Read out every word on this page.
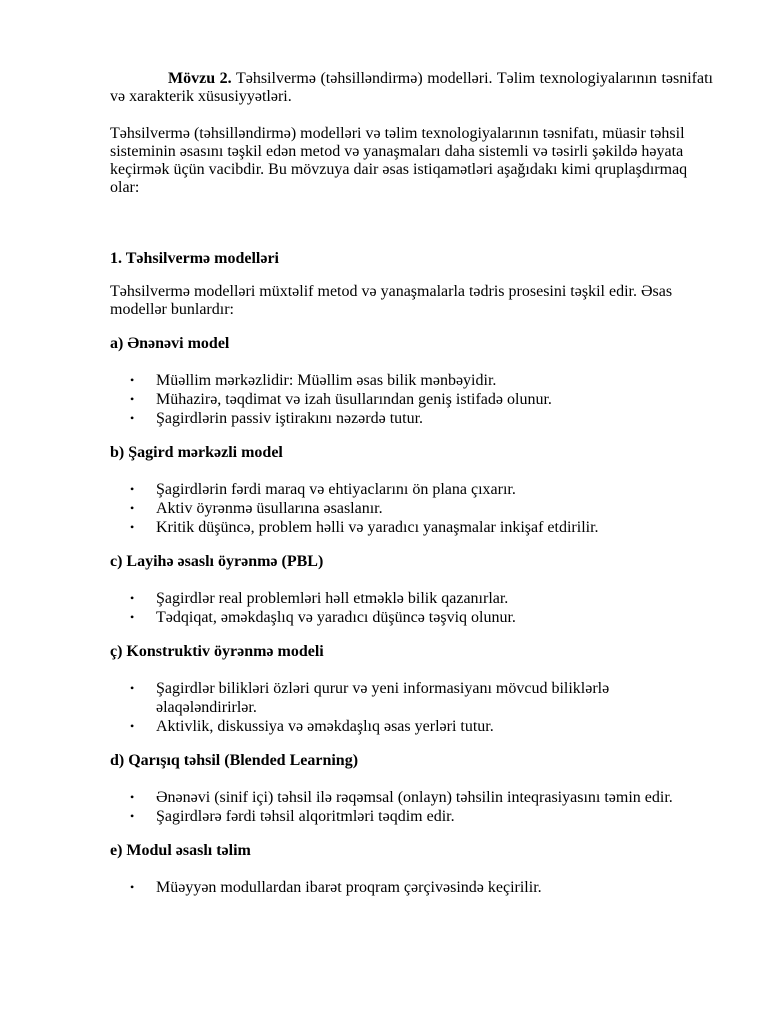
Mövzu 2. Təhsilvermə (təhsilləndirmə) modelləri. Təlim texnologiyalarının təsnifatı və xarakterik xüsusiyyətləri.

Təhsilvermə (təhsilləndirmə) modelləri və təlim texnologiyalarının təsnifatı, müasir təhsil sisteminin əsasını təşkil edən metod və yanaşmaları daha sistemli və təsirli şəkildə həyata keçirmək üçün vacibdir. Bu mövzuya dair əsas istiqamətləri aşağıdakı kimi qruplaşdırmaq olar:

1. Təhsilvermə modelləri

Təhsilvermə modelləri müxtəlif metod və yanaşmalarla tədris prosesini təşkil edir. Əsas modellər bunlardır:

a) Ənənəvi model

• Müəllim mərkəzlidir: Müəllim əsas bilik mənbəyidir.
• Mühazirə, təqdimat və izah üsullarından geniş istifadə olunur.
• Şagirdlərin passiv iştirakını nəzərdə tutur.

b) Şagird mərkəzli model

• Şagirdlərin fərdi maraq və ehtiyaclarını ön plana çıxarır.
• Aktiv öyrənmə üsullarına əsaslanır.
• Kritik düşüncə, problem həlli və yaradıcı yanaşmalar inkişaf etdirilir.

c) Layihə əsaslı öyrənmə (PBL)

• Şagirdlər real problemləri həll etməklə bilik qazanırlar.
• Tədqiqat, əməkdaşlıq və yaradıcı düşüncə təşviq olunur.

ç) Konstruktiv öyrənmə modeli

• Şagirdlər bilikləri özləri qurur və yeni informasiyanı mövcud biliklərlə əlaqələndirirlər.
• Aktivlik, diskussiya və əməkdaşlıq əsas yerləri tutur.

d) Qarışıq təhsil (Blended Learning)

• Ənənəvi (sinif içi) təhsil ilə rəqəmsal (onlayn) təhsilin inteqrasiyasını təmin edir.
• Şagirdlərə fərdi təhsil alqoritmləri təqdim edir.

e) Modul əsaslı təlim

• Müəyyən modullardan ibarət proqram çərçivəsində keçirilir.
